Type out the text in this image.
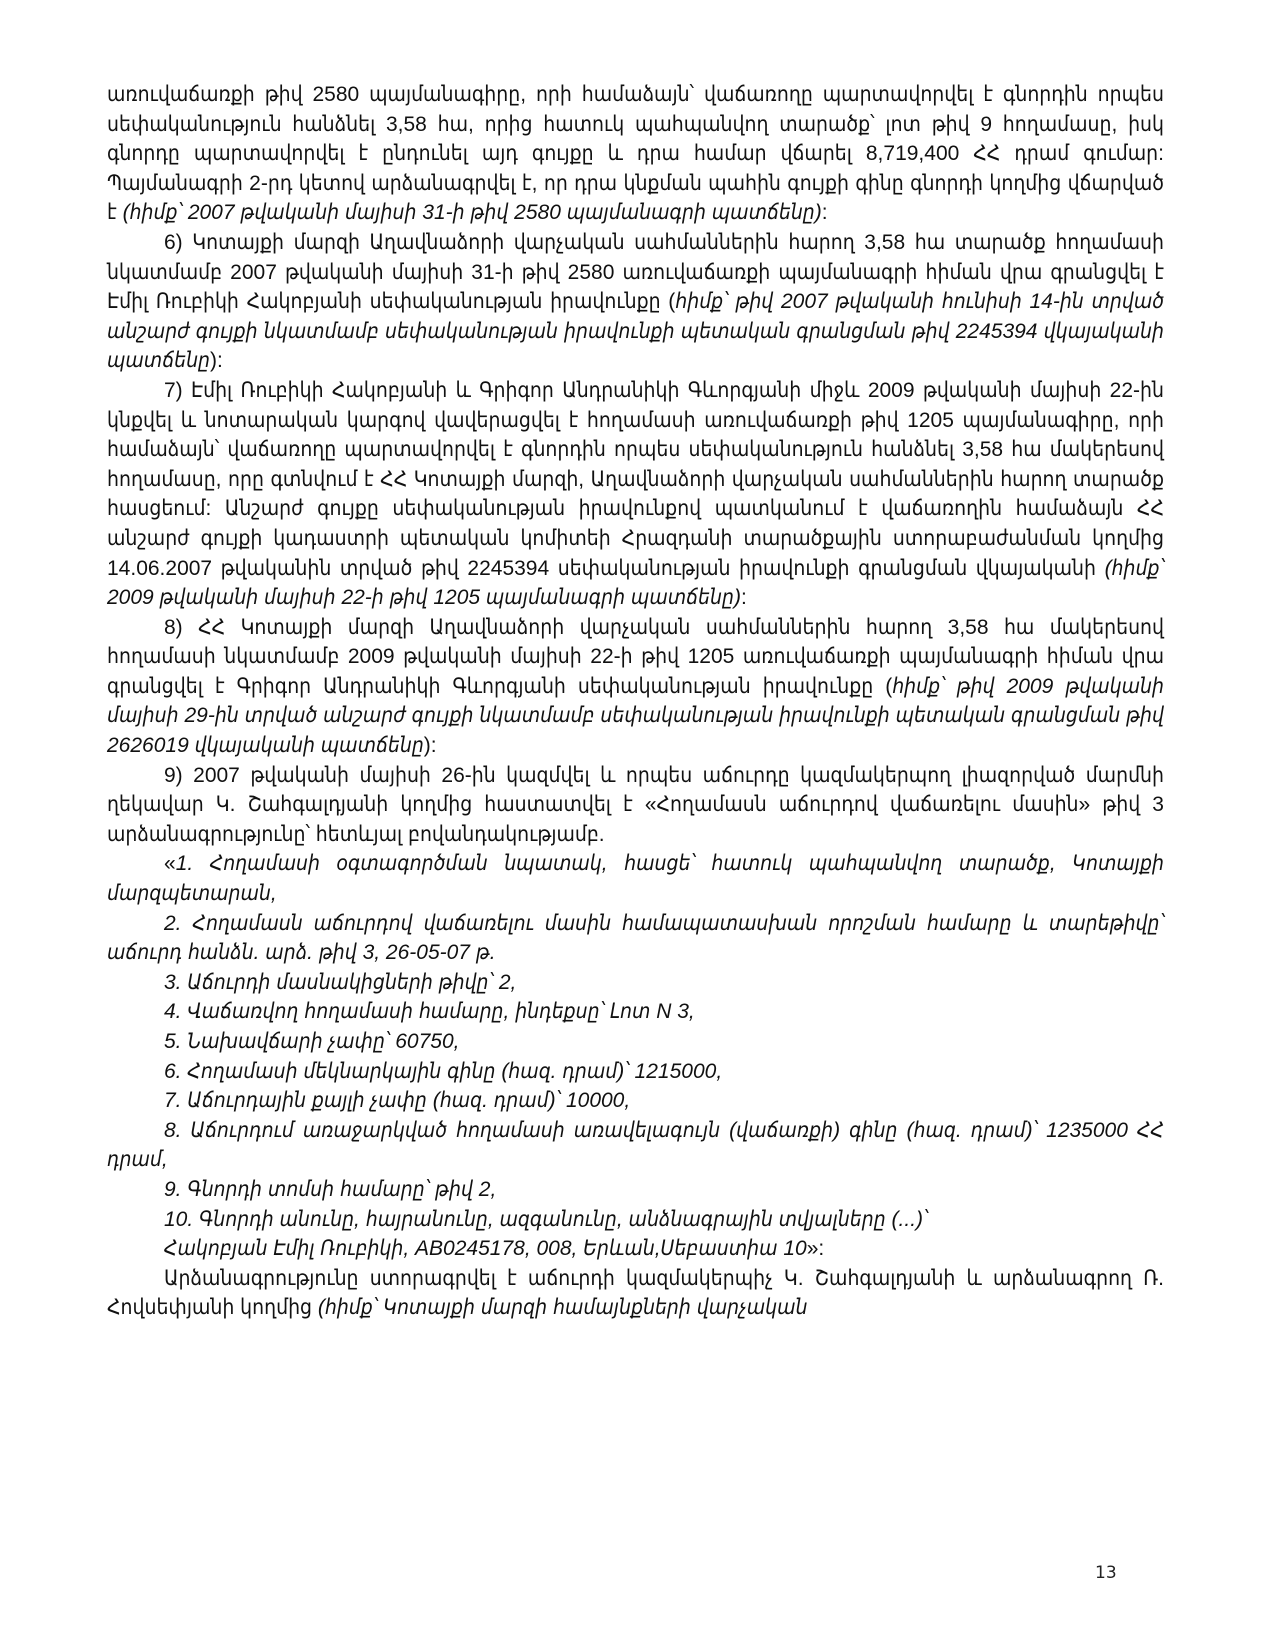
առուվաճառքի թիվ 2580 պայմանագիրը, որի համաձայն՝ վաճառողը պարտավորվել է գնորդին որպես սեփականություն հանձնել 3,58 հա, որից հատուկ պահպանվող տարածք՝ լոտ թիվ 9 հողամասը, իսկ գնորդը պարտավորվել է ընդունել այդ գույքը և դրա համար վճարել 8,719,400 ՀՀ դրամ գումար: Պայմանագրի 2-րդ կետով արձանագրվել է, որ դրա կնքման պահին գույքի գինը գնորդի կողմից վճարված է (հիմք՝ 2007 թվականի մայիսի 31-ի թիվ 2580 պայմանագրի պատճենը):

6) Կոտայքի մարզի Աղավնաձորի վարչական սահմաններին հարող 3,58 հա տարածք հողամասի նկատմամբ 2007 թվականի մայիսի 31-ի թիվ 2580 առուվաճառքի պայմանագրի հիման վրա գրանցվել է Էմիլ Ռուբիկի Հակոբյանի սեփականության իրավունքը (հիմք՝ թիվ 2007 թվականի հունիսի 14-ին տրված անշարժ գույքի նկատմամբ սեփականության իրավունքի պետական գրանցման թիվ 2245394 վկայականի պատճենը):

7) Էմիլ Ռուբիկի Հակոբյանի և Գրիգոր Անդրանիկի Գևորգյանի միջև 2009 թվականի մայիսի 22-ին կնքվել և նոտարական կարգով վավերացվել է հողամասի առուվաճառքի թիվ 1205 պայմանագիրը, որի համաձայն՝ վաճառողը պարտավորվել է գնորդին որպես սեփականություն հանձնել 3,58 հա մակերեսով հողամասը, որը գտնվում է ՀՀ Կոտայքի մարզի, Աղավնաձորի վարչական սահմաններին հարող տարածք հասցեում: Անշարժ գույքը սեփականության իրավունքով պատկանում է վաճառողին համաձայն ՀՀ անշարժ գույքի կադաստրի պետական կոմիտեի Հրազդանի տարածքային ստորաբաժանման կողմից 14.06.2007 թվականին տրված թիվ 2245394 սեփականության իրավունքի գրանցման վկայականի (հիմք՝ 2009 թվականի մայիսի 22-ի թիվ 1205 պայմանագրի պատճենը):

8) ՀՀ Կոտայքի մարզի Աղավնաձորի վարչական սահմաններին հարող 3,58 հա մակերեսով հողամասի նկատմամբ 2009 թվականի մայիսի 22-ի թիվ 1205 առուվաճառքի պայմանագրի հիման վրա գրանցվել է Գրիգոր Անդրանիկի Գևորգյանի սեփականության իրավունքը (հիմք՝ թիվ 2009 թվականի մայիսի 29-ին տրված անշարժ գույքի նկատմամբ սեփականության իրավունքի պետական գրանցման թիվ 2626019 վկայականի պատճենը):

9) 2007 թվականի մայիսի 26-ին կազմվել և որպես աճուրդը կազմակերպող լիազորված մարմնի ղեկավար Կ. Շահգալդյանի կողմից հաստատվել է «Հողամասն աճուրդով վաճառելու մասին» թիվ 3 արձանագրությունը՝ հետևյալ բովանդակությամբ.

«1. Հողամասի օգտագործման նպատակ, հասցե՝ հատուկ պահպանվող տարածք, Կոտայքի մարզպետարան,

2. Հողամասն աճուրդով վաճառելու մասին համապատասխան որոշման համարը և տարեթիվը՝ աճուրդ հանձն. արձ. թիվ 3, 26-05-07 թ.

3. Աճուրդի մասնակիցների թիվը՝ 2,

4. Վաճառվող հողամասի համարը, ինդեքսը՝ Լոտ N 3,

5. Նախավճարի չափը՝ 60750,

6. Հողամասի մեկնարկային գինը (հազ. դրամ)՝ 1215000,

7. Աճուրդային քայլի չափը (հազ. դրամ)՝ 10000,

8. Աճուրդում առաջարկված հողամասի առավելագույն (վաճառքի) գինը (հազ. դրամ)՝ 1235000 ՀՀ դրամ,

9. Գնորդի տոմսի համարը՝ թիվ 2,

10. Գնորդի անունը, հայրանունը, ազգանունը, անձնագրային տվյալները (...)՝

Հակոբյան Էմիլ Ռուբիկի, AB0245178, 008, Երևան,Սեբաստիա 10»:

Արձանագրությունը ստորագրվել է աճուրդի կազմակերպիչ Կ. Շահգալդյանի և արձանագրող Ռ. Հովսեփյանի կողմից (հիմք՝ Կոտայքի մարզի համայնքների վարչական

13
